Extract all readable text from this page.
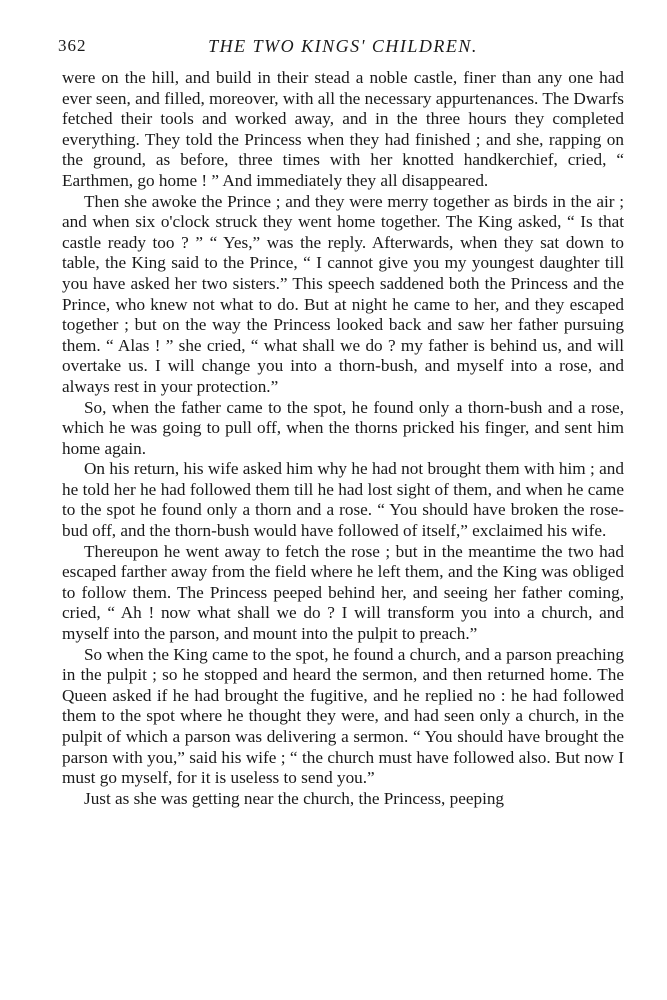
362	THE TWO KINGS' CHILDREN.

were on the hill, and build in their stead a noble castle, finer than any one had ever seen, and filled, moreover, with all the necessary appurtenances. The Dwarfs fetched their tools and worked away, and in the three hours they completed everything. They told the Princess when they had finished ; and she, rapping on the ground, as before, three times with her knotted handkerchief, cried, “ Earthmen, go home ! ” And immediately they all disappeared.

Then she awoke the Prince ; and they were merry together as birds in the air ; and when six o'clock struck they went home together. The King asked, “ Is that castle ready too ? ” “ Yes,” was the reply. Afterwards, when they sat down to table, the King said to the Prince, “ I cannot give you my youngest daughter till you have asked her two sisters.” This speech saddened both the Princess and the Prince, who knew not what to do. But at night he came to her, and they escaped together ; but on the way the Princess looked back and saw her father pursuing them. “ Alas ! ” she cried, “ what shall we do ? my father is behind us, and will overtake us. I will change you into a thorn-bush, and myself into a rose, and always rest in your protection.”

So, when the father came to the spot, he found only a thorn-bush and a rose, which he was going to pull off, when the thorns pricked his finger, and sent him home again.

On his return, his wife asked him why he had not brought them with him ; and he told her he had followed them till he had lost sight of them, and when he came to the spot he found only a thorn and a rose. “ You should have broken the rose-bud off, and the thorn-bush would have followed of itself,” exclaimed his wife.

Thereupon he went away to fetch the rose ; but in the meantime the two had escaped farther away from the field where he left them, and the King was obliged to follow them. The Princess peeped behind her, and seeing her father coming, cried, “ Ah ! now what shall we do ? I will transform you into a church, and myself into the parson, and mount into the pulpit to preach.”

So when the King came to the spot, he found a church, and a parson preaching in the pulpit ; so he stopped and heard the sermon, and then returned home. The Queen asked if he had brought the fugitive, and he replied no : he had followed them to the spot where he thought they were, and had seen only a church, in the pulpit of which a parson was delivering a sermon. “ You should have brought the parson with you,” said his wife ; “ the church must have followed also. But now I must go myself, for it is useless to send you.”

Just as she was getting near the church, the Princess, peeping
